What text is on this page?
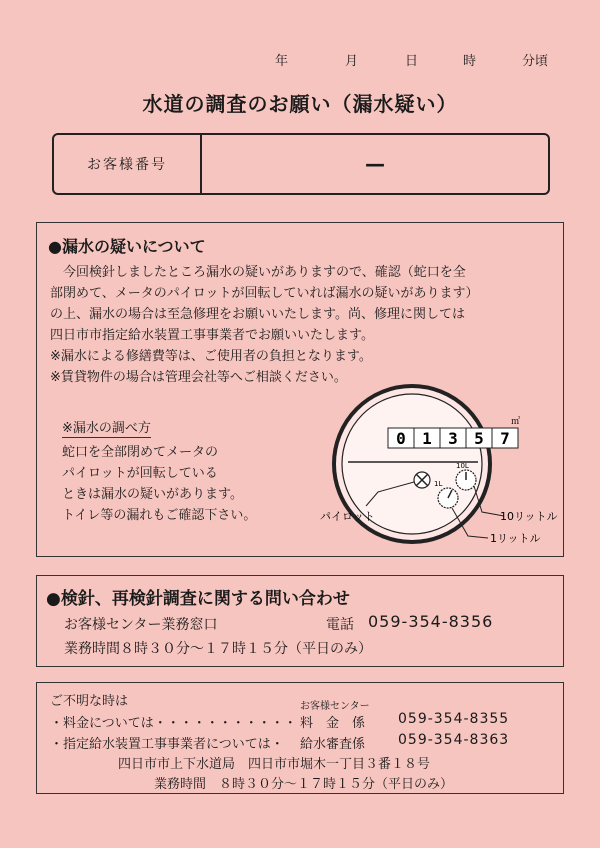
年	月	日	時	分頃
水道の調査のお願い（漏水疑い）
お客様番号	—
●漏水の疑いについて
　今回検針しましたところ漏水の疑いがありますので、確認（蛇口を全
部閉めて、メータのパイロットが回転していれば漏水の疑いがあります）
の上、漏水の場合は至急修理をお願いいたします。尚、修理に関しては
四日市市指定給水装置工事事業者でお願いいたします。
※漏水による修繕費等は、ご使用者の負担となります。
※賃貸物件の場合は管理会社等へご相談ください。
※漏水の調べ方
蛇口を全部閉めてメータの
パイロットが回転している
ときは漏水の疑いがあります。
トイレ等の漏れもご確認下さい。
0 1 3 5 7
㎥
10L
1L
パイロット	10リットル
1リットル
●検針、再検針調査に関する問い合わせ
お客様センター業務窓口	電話 059-354-8356
業務時間８時３０分～１７時１５分（平日のみ）
ご不明な時は	お客様センター
・料金については・・・・・・・・・・・ 料　金　係 059-354-8355
・指定給水装置工事事業者については・ 給水審査係 059-354-8363
四日市市上下水道局　四日市市堀木一丁目３番１８号
業務時間　８時３０分～１７時１５分（平日のみ）
